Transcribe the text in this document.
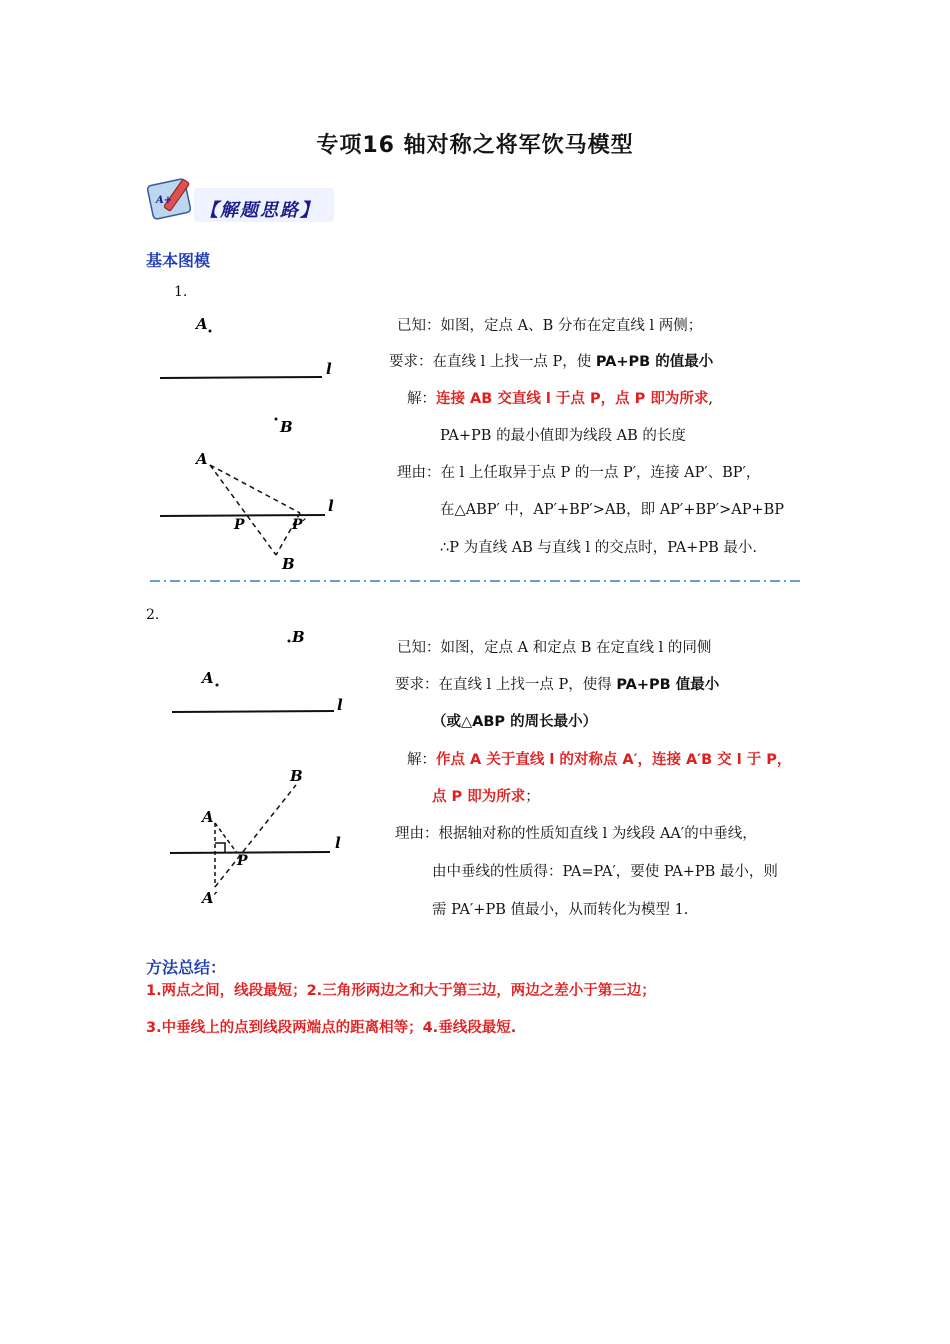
专项16 轴对称之将军饮马模型
A+ 【解题思路】
基本图模
1.
A
l
B
A
l
P	P′
B
已知：如图，定点 A、B 分布在定直线 l 两侧；
要求：在直线 l 上找一点 P，使 PA+PB 的值最小
解：连接 AB 交直线 l 于点 P，点 P 即为所求,
PA+PB 的最小值即为线段 AB 的长度
理由：在 l 上任取异于点 P 的一点 P′，连接 AP′、BP′，
在△ABP′ 中，AP′+BP′>AB，即 AP′+BP′>AP+BP
∴P 为直线 AB 与直线 l 的交点时，PA+PB 最小.
2.
B
A
l
B
A
l
P
A′
已知：如图，定点 A 和定点 B 在定直线 l 的同侧
要求：在直线 l 上找一点 P，使得 PA+PB 值最小
（或△ABP 的周长最小）
解：作点 A 关于直线 l 的对称点 A′，连接 A′B 交 l 于 P，
点 P 即为所求；
理由：根据轴对称的性质知直线 l 为线段 AA′的中垂线，
由中垂线的性质得：PA=PA′，要使 PA+PB 最小，则
需 PA′+PB 值最小，从而转化为模型 1.
方法总结：
1.两点之间，线段最短；2.三角形两边之和大于第三边，两边之差小于第三边；
3.中垂线上的点到线段两端点的距离相等；4.垂线段最短.
